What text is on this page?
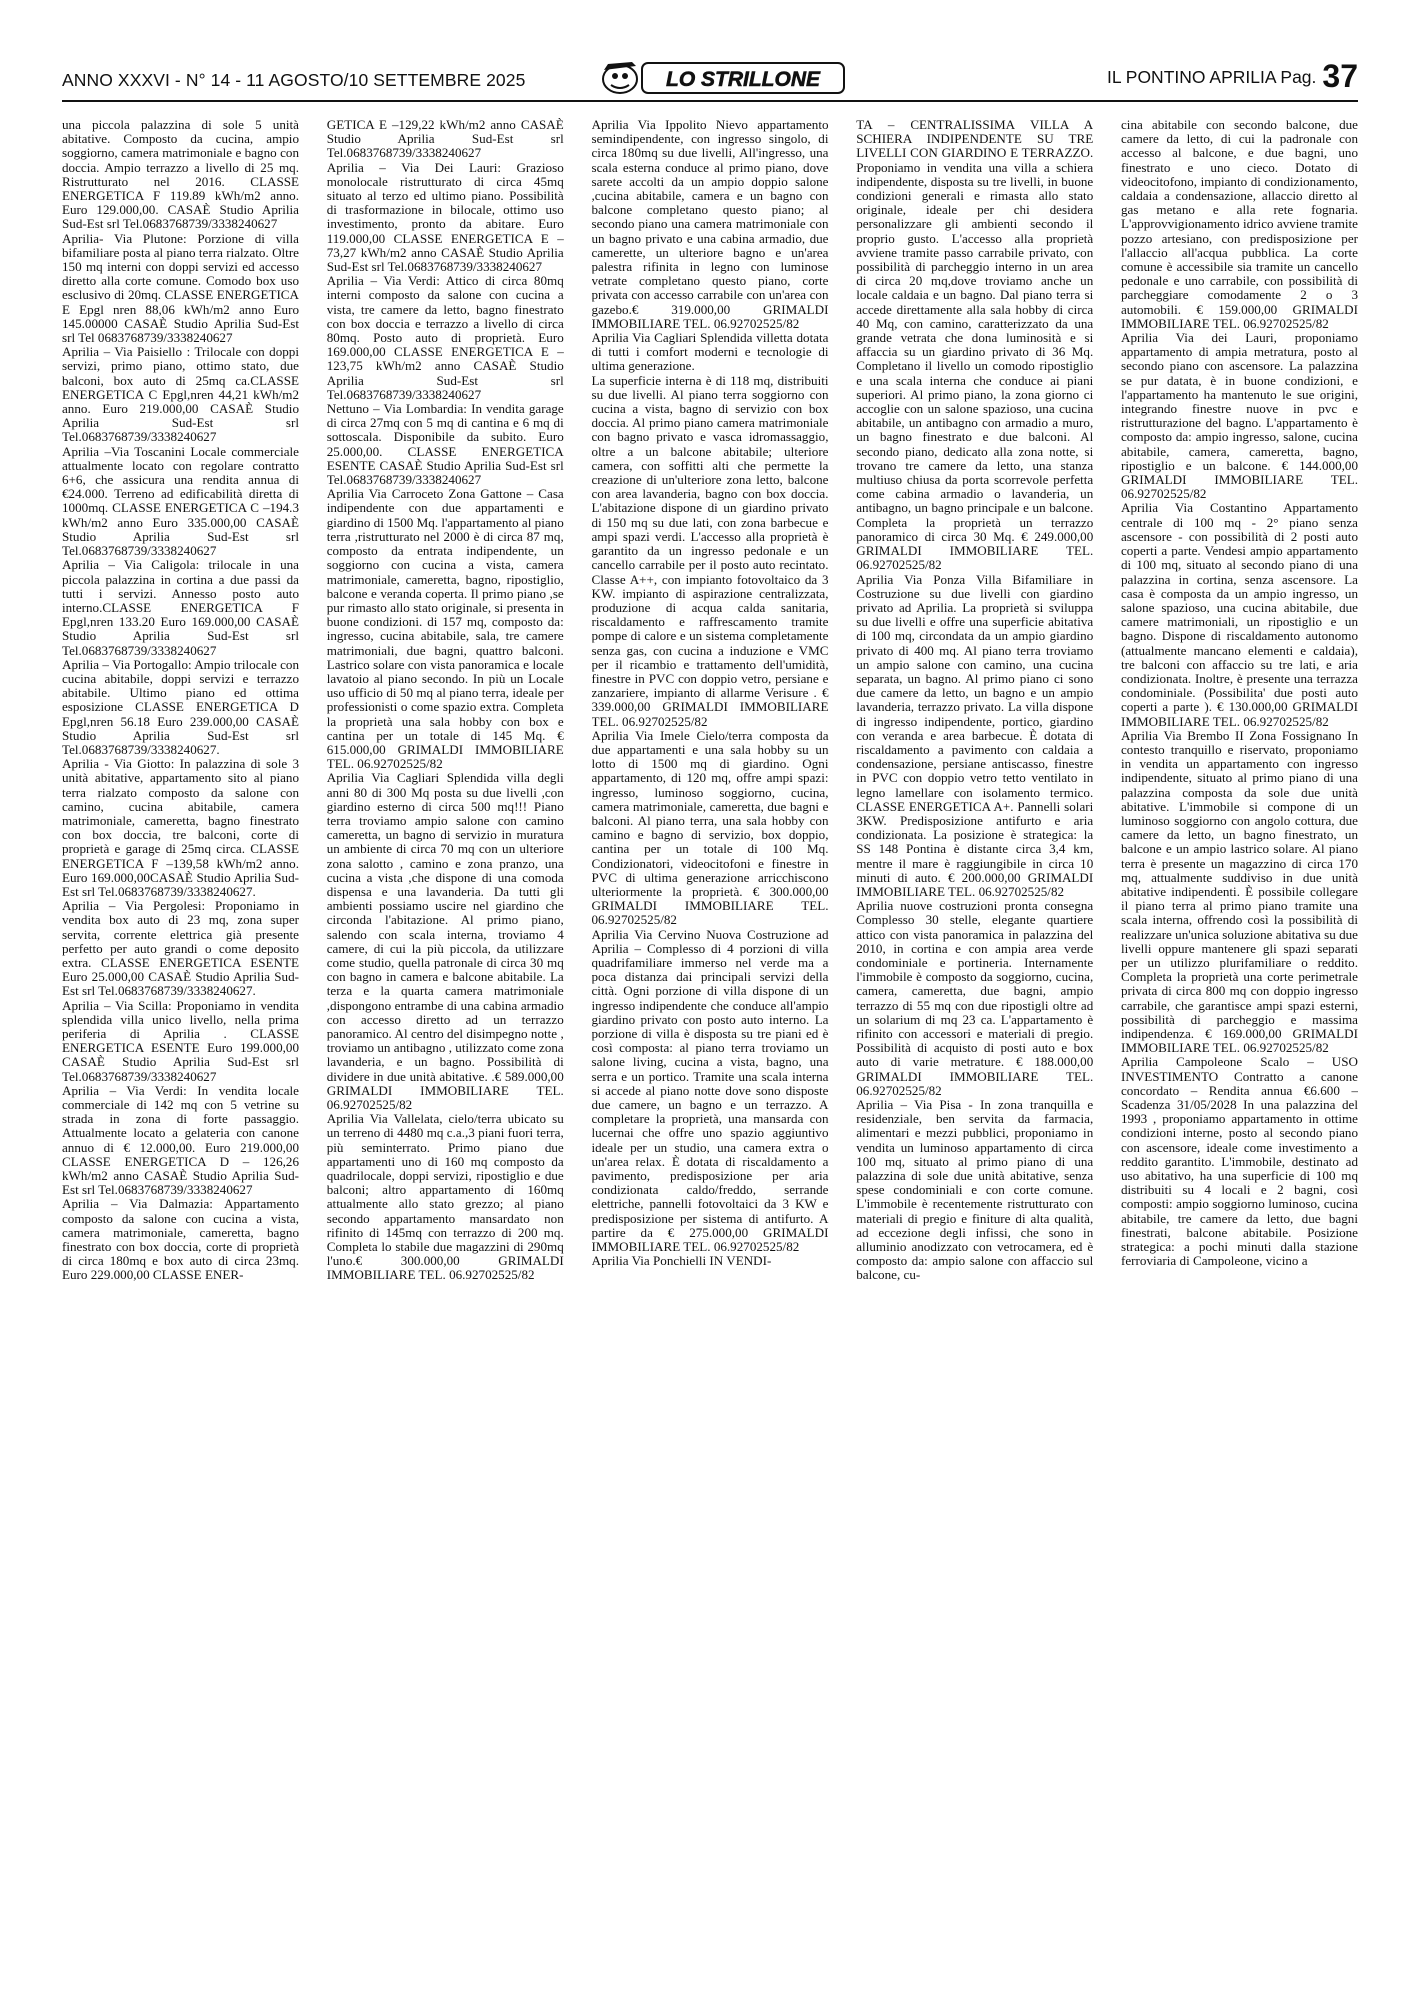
ANNO XXXVI - N° 14 - 11 AGOSTO/10 SETTEMBRE 2025	LO STRILLONE	IL PONTINO APRILIA Pag. 37

una piccola palazzina di sole 5 unità abitative. Composto da cucina, ampio soggiorno, camera matrimoniale e bagno con doccia. Ampio terrazzo a livello di 25 mq. Ristrutturato nel 2016. CLASSE ENERGETICA F 119.89 kWh/m2 anno. Euro 129.000,00. CASAÈ Studio Aprilia Sud-Est srl Tel.0683768739/3338240627

Aprilia- Via Plutone: Porzione di villa bifamiliare posta al piano terra rialzato. Oltre 150 mq interni con doppi servizi ed accesso diretto alla corte comune. Comodo box uso esclusivo di 20mq. CLASSE ENERGETICA E Epgl nren 88,06 kWh/m2 anno Euro 145.00000 CASAÈ Studio Aprilia Sud-Est srl Tel 0683768739/3338240627

Aprilia – Via Paisiello : Trilocale con doppi servizi, primo piano, ottimo stato, due balconi, box auto di 25mq ca.CLASSE ENERGETICA C Epgl,nren 44,21 kWh/m2 anno. Euro 219.000,00 CASAÈ Studio Aprilia Sud-Est srl Tel.0683768739/3338240627

Aprilia –Via Toscanini Locale commerciale attualmente locato con regolare contratto 6+6, che assicura una rendita annua di €24.000. Terreno ad edificabilità diretta di 1000mq. CLASSE ENERGETICA C –194.3 kWh/m2 anno Euro 335.000,00 CASAÈ Studio Aprilia Sud-Est srl Tel.0683768739/3338240627

Aprilia – Via Caligola: trilocale in una piccola palazzina in cortina a due passi da tutti i servizi. Annesso posto auto interno.CLASSE ENERGETICA F Epgl,nren 133.20 Euro 169.000,00 CASAÈ Studio Aprilia Sud-Est srl Tel.0683768739/3338240627

Aprilia – Via Portogallo: Ampio trilocale con cucina abitabile, doppi servizi e terrazzo abitabile. Ultimo piano ed ottima esposizione CLASSE ENERGETICA D Epgl,nren 56.18 Euro 239.000,00 CASAÈ Studio Aprilia Sud-Est srl Tel.0683768739/3338240627.

Aprilia - Via Giotto: In palazzina di sole 3 unità abitative, appartamento sito al piano terra rialzato composto da salone con camino, cucina abitabile, camera matrimoniale, cameretta, bagno finestrato con box doccia, tre balconi, corte di proprietà e garage di 25mq circa. CLASSE ENERGETICA F –139,58 kWh/m2 anno. Euro 169.000,00CASAÈ Studio Aprilia Sud-Est srl Tel.0683768739/3338240627.

Aprilia – Via Pergolesi: Proponiamo in vendita box auto di 23 mq, zona super servita, corrente elettrica già presente perfetto per auto grandi o come deposito extra. CLASSE ENERGETICA ESENTE Euro 25.000,00 CASAÈ Studio Aprilia Sud-Est srl Tel.0683768739/3338240627.

Aprilia – Via Scilla: Proponiamo in vendita splendida villa unico livello, nella prima periferia di Aprilia . CLASSE ENERGETICA ESENTE Euro 199.000,00 CASAÈ Studio Aprilia Sud-Est srl Tel.0683768739/3338240627

Aprilia – Via Verdi: In vendita locale commerciale di 142 mq con 5 vetrine su strada in zona di forte passaggio. Attualmente locato a gelateria con canone annuo di € 12.000,00. Euro 219.000,00 CLASSE ENERGETICA D – 126,26 kWh/m2 anno CASAÈ Studio Aprilia Sud-Est srl Tel.0683768739/3338240627

Aprilia – Via Dalmazia: Appartamento composto da salone con cucina a vista, camera matrimoniale, cameretta, bagno finestrato con box doccia, corte di proprietà di circa 180mq e box auto di circa 23mq. Euro 229.000,00 CLASSE ENER-

GETICA E –129,22 kWh/m2 anno CASAÈ Studio Aprilia Sud-Est srl Tel.0683768739/3338240627

Aprilia – Via Dei Lauri: Grazioso monolocale ristrutturato di circa 45mq situato al terzo ed ultimo piano. Possibilità di trasformazione in bilocale, ottimo uso investimento, pronto da abitare. Euro 119.000,00 CLASSE ENERGETICA E –73,27 kWh/m2 anno CASAÈ Studio Aprilia Sud-Est srl Tel.0683768739/3338240627

Aprilia – Via Verdi: Attico di circa 80mq interni composto da salone con cucina a vista, tre camere da letto, bagno finestrato con box doccia e terrazzo a livello di circa 80mq. Posto auto di proprietà. Euro 169.000,00 CLASSE ENERGETICA E –123,75 kWh/m2 anno CASAÈ Studio Aprilia Sud-Est srl Tel.0683768739/3338240627

Nettuno – Via Lombardia: In vendita garage di circa 27mq con 5 mq di cantina e 6 mq di sottoscala. Disponibile da subito. Euro 25.000,00. CLASSE ENERGETICA ESENTE CASAÈ Studio Aprilia Sud-Est srl Tel.0683768739/3338240627

Aprilia Via Carroceto Zona Gattone – Casa indipendente con due appartamenti e giardino di 1500 Mq. l'appartamento al piano terra ,ristrutturato nel 2000 è di circa 87 mq, composto da entrata indipendente, un soggiorno con cucina a vista, camera matrimoniale, cameretta, bagno, ripostiglio, balcone e veranda coperta. Il primo piano ,se pur rimasto allo stato originale, si presenta in buone condizioni. di 157 mq, composto da: ingresso, cucina abitabile, sala, tre camere matrimoniali, due bagni, quattro balconi. Lastrico solare con vista panoramica e locale lavatoio al piano secondo. In più un Locale uso ufficio di 50 mq al piano terra, ideale per professionisti o come spazio extra. Completa la proprietà una sala hobby con box e cantina per un totale di 145 Mq. € 615.000,00 GRIMALDI IMMOBILIARE TEL. 06.92702525/82

Aprilia Via Cagliari Splendida villa degli anni 80 di 300 Mq posta su due livelli ,con giardino esterno di circa 500 mq!!! Piano terra troviamo ampio salone con camino cameretta, un bagno di servizio in muratura un ambiente di circa 70 mq con un ulteriore zona salotto , camino e zona pranzo, una cucina a vista ,che dispone di una comoda dispensa e una lavanderia. Da tutti gli ambienti possiamo uscire nel giardino che circonda l'abitazione. Al primo piano, salendo con scala interna, troviamo 4 camere, di cui la più piccola, da utilizzare come studio, quella patronale di circa 30 mq con bagno in camera e balcone abitabile. La terza e la quarta camera matrimoniale ,dispongono entrambe di una cabina armadio con accesso diretto ad un terrazzo panoramico. Al centro del disimpegno notte , troviamo un antibagno , utilizzato come zona lavanderia, e un bagno. Possibilità di dividere in due unità abitative. .€ 589.000,00 GRIMALDI IMMOBILIARE TEL. 06.92702525/82

Aprilia Via Vallelata, cielo/terra ubicato su un terreno di 4480 mq c.a.,3 piani fuori terra, più seminterrato. Primo piano due appartamenti uno di 160 mq composto da quadrilocale, doppi servizi, ripostiglio e due balconi; altro appartamento di 160mq attualmente allo stato grezzo; al piano secondo appartamento mansardato non rifinito di 145mq con terrazzo di 200 mq. Completa lo stabile due magazzini di 290mq l'uno.€ 300.000,00 GRIMALDI IMMOBILIARE TEL. 06.92702525/82

Aprilia Via Ippolito Nievo appartamento semindipendente, con ingresso singolo, di circa 180mq su due livelli, All'ingresso, una scala esterna conduce al primo piano, dove sarete accolti da un ampio doppio salone ,cucina abitabile, camera e un bagno con balcone completano questo piano; al secondo piano una camera matrimoniale con un bagno privato e una cabina armadio, due camerette, un ulteriore bagno e un'area palestra rifinita in legno con luminose vetrate completano questo piano, corte privata con accesso carrabile con un'area con gazebo.€ 319.000,00 GRIMALDI IMMOBILIARE TEL. 06.92702525/82

Aprilia Via Cagliari Splendida villetta dotata di tutti i comfort moderni e tecnologie di ultima generazione.

La superficie interna è di 118 mq, distribuiti su due livelli. Al piano terra soggiorno con cucina a vista, bagno di servizio con box doccia. Al primo piano camera matrimoniale con bagno privato e vasca idromassaggio, oltre a un balcone abitabile; ulteriore camera, con soffitti alti che permette la creazione di un'ulteriore zona letto, balcone con area lavanderia, bagno con box doccia. L'abitazione dispone di un giardino privato di 150 mq su due lati, con zona barbecue e ampi spazi verdi. L'accesso alla proprietà è garantito da un ingresso pedonale e un cancello carrabile per il posto auto recintato. Classe A++, con impianto fotovoltaico da 3 KW. impianto di aspirazione centralizzata, produzione di acqua calda sanitaria, riscaldamento e raffrescamento tramite pompe di calore e un sistema completamente senza gas, con cucina a induzione e VMC per il ricambio e trattamento dell'umidità, finestre in PVC con doppio vetro, persiane e zanzariere, impianto di allarme Verisure . € 339.000,00 GRIMALDI IMMOBILIARE TEL. 06.92702525/82

Aprilia Via Imele Cielo/terra composta da due appartamenti e una sala hobby su un lotto di 1500 mq di giardino. Ogni appartamento, di 120 mq, offre ampi spazi: ingresso, luminoso soggiorno, cucina, camera matrimoniale, cameretta, due bagni e balconi. Al piano terra, una sala hobby con camino e bagno di servizio, box doppio, cantina per un totale di 100 Mq. Condizionatori, videocitofoni e finestre in PVC di ultima generazione arricchiscono ulteriormente la proprietà. € 300.000,00 GRIMALDI IMMOBILIARE TEL. 06.92702525/82

Aprilia Via Cervino Nuova Costruzione ad Aprilia – Complesso di 4 porzioni di villa quadrifamiliare immerso nel verde ma a poca distanza dai principali servizi della città. Ogni porzione di villa dispone di un ingresso indipendente che conduce all'ampio giardino privato con posto auto interno. La porzione di villa è disposta su tre piani ed è così composta: al piano terra troviamo un salone living, cucina a vista, bagno, una serra e un portico. Tramite una scala interna si accede al piano notte dove sono disposte due camere, un bagno e un terrazzo. A completare la proprietà, una mansarda con lucernai che offre uno spazio aggiuntivo ideale per un studio, una camera extra o un'area relax. È dotata di riscaldamento a pavimento, predisposizione per aria condizionata caldo/freddo, serrande elettriche, pannelli fotovoltaici da 3 KW e predisposizione per sistema di antifurto. A partire da € 275.000,00 GRIMALDI IMMOBILIARE TEL. 06.92702525/82

Aprilia Via Ponchielli IN VENDI-

TA – CENTRALISSIMA VILLA A SCHIERA INDIPENDENTE SU TRE LIVELLI CON GIARDINO E TERRAZZO. Proponiamo in vendita una villa a schiera indipendente, disposta su tre livelli, in buone condizioni generali e rimasta allo stato originale, ideale per chi desidera personalizzare gli ambienti secondo il proprio gusto. L'accesso alla proprietà avviene tramite passo carrabile privato, con possibilità di parcheggio interno in un area di circa 20 mq,dove troviamo anche un locale caldaia e un bagno. Dal piano terra si accede direttamente alla sala hobby di circa 40 Mq, con camino, caratterizzato da una grande vetrata che dona luminosità e si affaccia su un giardino privato di 36 Mq. Completano il livello un comodo ripostiglio e una scala interna che conduce ai piani superiori. Al primo piano, la zona giorno ci accoglie con un salone spazioso, una cucina abitabile, un antibagno con armadio a muro, un bagno finestrato e due balconi. Al secondo piano, dedicato alla zona notte, si trovano tre camere da letto, una stanza multiuso chiusa da porta scorrevole perfetta come cabina armadio o lavanderia, un antibagno, un bagno principale e un balcone. Completa la proprietà un terrazzo panoramico di circa 30 Mq. € 249.000,00 GRIMALDI IMMOBILIARE TEL. 06.92702525/82

Aprilia Via Ponza Villa Bifamiliare in Costruzione su due livelli con giardino privato ad Aprilia. La proprietà si sviluppa su due livelli e offre una superficie abitativa di 100 mq, circondata da un ampio giardino privato di 400 mq. Al piano terra troviamo un ampio salone con camino, una cucina separata, un bagno. Al primo piano ci sono due camere da letto, un bagno e un ampio lavanderia, terrazzo privato. La villa dispone di ingresso indipendente, portico, giardino con veranda e area barbecue. È dotata di riscaldamento a pavimento con caldaia a condensazione, persiane antiscasso, finestre in PVC con doppio vetro tetto ventilato in legno lamellare con isolamento termico. CLASSE ENERGETICA A+. Pannelli solari 3KW. Predisposizione antifurto e aria condizionata. La posizione è strategica: la SS 148 Pontina è distante circa 3,4 km, mentre il mare è raggiungibile in circa 10 minuti di auto. € 200.000,00 GRIMALDI IMMOBILIARE TEL. 06.92702525/82

Aprilia nuove costruzioni pronta consegna Complesso 30 stelle, elegante quartiere attico con vista panoramica in palazzina del 2010, in cortina e con ampia area verde condominiale e portineria. Internamente l'immobile è composto da soggiorno, cucina, camera, cameretta, due bagni, ampio terrazzo di 55 mq con due ripostigli oltre ad un solarium di mq 23 ca. L'appartamento è rifinito con accessori e materiali di pregio. Possibilità di acquisto di posti auto e box auto di varie metrature. € 188.000,00 GRIMALDI IMMOBILIARE TEL. 06.92702525/82

Aprilia – Via Pisa - In zona tranquilla e residenziale, ben servita da farmacia, alimentari e mezzi pubblici, proponiamo in vendita un luminoso appartamento di circa 100 mq, situato al primo piano di una palazzina di sole due unità abitative, senza spese condominiali e con corte comune. L'immobile è recentemente ristrutturato con materiali di pregio e finiture di alta qualità, ad eccezione degli infissi, che sono in alluminio anodizzato con vetrocamera, ed è composto da: ampio salone con affaccio sul balcone, cu-

cina abitabile con secondo balcone, due camere da letto, di cui la padronale con accesso al balcone, e due bagni, uno finestrato e uno cieco. Dotato di videocitofono, impianto di condizionamento, caldaia a condensazione, allaccio diretto al gas metano e alla rete fognaria. L'approvvigionamento idrico avviene tramite pozzo artesiano, con predisposizione per l'allaccio all'acqua pubblica. La corte comune è accessibile sia tramite un cancello pedonale e uno carrabile, con possibilità di parcheggiare comodamente 2 o 3 automobili. € 159.000,00 GRIMALDI IMMOBILIARE TEL. 06.92702525/82

Aprilia Via dei Lauri, proponiamo appartamento di ampia metratura, posto al secondo piano con ascensore. La palazzina se pur datata, è in buone condizioni, e l'appartamento ha mantenuto le sue origini, integrando finestre nuove in pvc e ristrutturazione del bagno. L'appartamento è composto da: ampio ingresso, salone, cucina abitabile, camera, cameretta, bagno, ripostiglio e un balcone. € 144.000,00 GRIMALDI IMMOBILIARE TEL. 06.92702525/82

Aprilia Via Costantino Appartamento centrale di 100 mq - 2° piano senza ascensore - con possibilità di 2 posti auto coperti a parte. Vendesi ampio appartamento di 100 mq, situato al secondo piano di una palazzina in cortina, senza ascensore. La casa è composta da un ampio ingresso, un salone spazioso, una cucina abitabile, due camere matrimoniali, un ripostiglio e un bagno. Dispone di riscaldamento autonomo (attualmente mancano elementi e caldaia), tre balconi con affaccio su tre lati, e aria condizionata. Inoltre, è presente una terrazza condominiale. (Possibilita' due posti auto coperti a parte ). € 130.000,00 GRIMALDI IMMOBILIARE TEL. 06.92702525/82

Aprilia Via Brembo II Zona Fossignano In contesto tranquillo e riservato, proponiamo in vendita un appartamento con ingresso indipendente, situato al primo piano di una palazzina composta da sole due unità abitative. L'immobile si compone di un luminoso soggiorno con angolo cottura, due camere da letto, un bagno finestrato, un balcone e un ampio lastrico solare. Al piano terra è presente un magazzino di circa 170 mq, attualmente suddiviso in due unità abitative indipendenti. È possibile collegare il piano terra al primo piano tramite una scala interna, offrendo così la possibilità di realizzare un'unica soluzione abitativa su due livelli oppure mantenere gli spazi separati per un utilizzo plurifamiliare o reddito. Completa la proprietà una corte perimetrale privata di circa 800 mq con doppio ingresso carrabile, che garantisce ampi spazi esterni, possibilità di parcheggio e massima indipendenza. € 169.000,00 GRIMALDI IMMOBILIARE TEL. 06.92702525/82

Aprilia Campoleone Scalo – USO INVESTIMENTO Contratto a canone concordato – Rendita annua €6.600 – Scadenza 31/05/2028 In una palazzina del 1993 , proponiamo appartamento in ottime condizioni interne, posto al secondo piano con ascensore, ideale come investimento a reddito garantito. L'immobile, destinato ad uso abitativo, ha una superficie di 100 mq distribuiti su 4 locali e 2 bagni, così composti: ampio soggiorno luminoso, cucina abitabile, tre camere da letto, due bagni finestrati, balcone abitabile. Posizione strategica: a pochi minuti dalla stazione ferroviaria di Campoleone, vicino a
